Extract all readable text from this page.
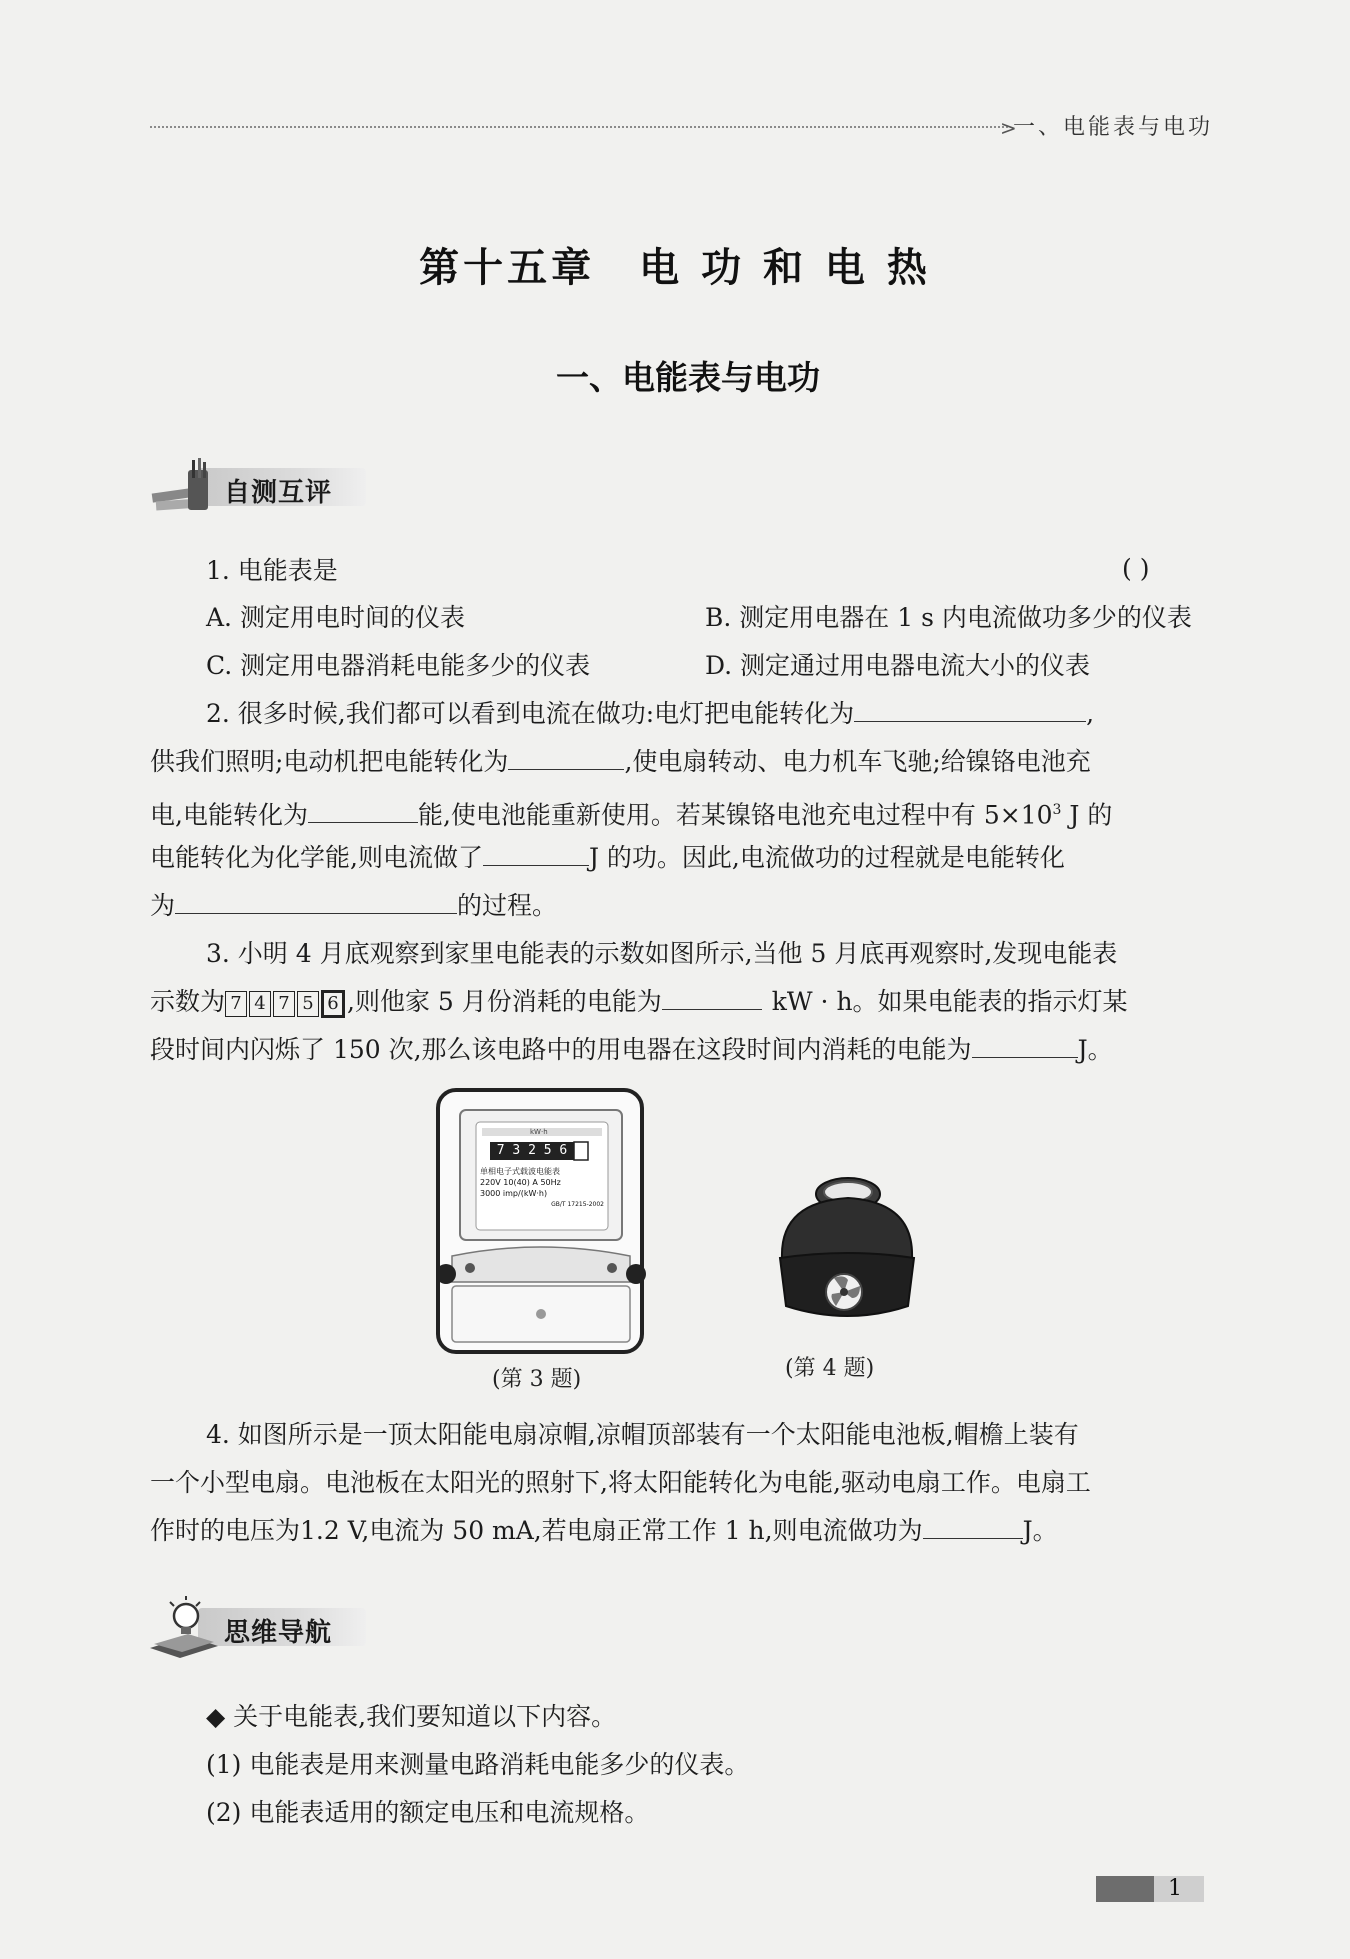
>
一、电能表与电功
第十五章 电 功 和 电 热
一、电能表与电功
自测互评
1. 电能表是	( )
A. 测定用电时间的仪表	B. 测定用电器在 1 s 内电流做功多少的仪表
C. 测定用电器消耗电能多少的仪表	D. 测定通过用电器电流大小的仪表
2. 很多时候,我们都可以看到电流在做功:电灯把电能转化为	,
供我们照明;电动机把电能转化为	,使电扇转动、电力机车飞驰;给镍铬电池充
电,电能转化为	能,使电池能重新使用。若某镍铬电池充电过程中有 $5\times 10^3$ J 的
电能转化为化学能,则电流做了	J 的功。因此,电流做功的过程就是电能转化
为	的过程。
3. 小明 4 月底观察到家里电能表的示数如图所示,当他 5 月底再观察时,发现电能表
示数为 7 4 7 5 6 ,则他家 5 月份消耗的电能为	kW · h。如果电能表的指示灯某
段时间内闪烁了 150 次,那么该电路中的用电器在这段时间内消耗的电能为	J。
7 3 2 5 6
kW·h
单相电子式载波电能表
220V 10(40) A 50Hz
3000 imp/(kW·h)
GB/T 17215-2002
(第 3 题)	(第 4 题)
4. 如图所示是一顶太阳能电扇凉帽,凉帽顶部装有一个太阳能电池板,帽檐上装有
一个小型电扇。电池板在太阳光的照射下,将太阳能转化为电能,驱动电扇工作。电扇工
作时的电压为1.2 V,电流为 50 mA,若电扇正常工作 1 h,则电流做功为	J。
思维导航
◆ 关于电能表,我们要知道以下内容。
(1) 电能表是用来测量电路消耗电能多少的仪表。
(2) 电能表适用的额定电压和电流规格。
1
